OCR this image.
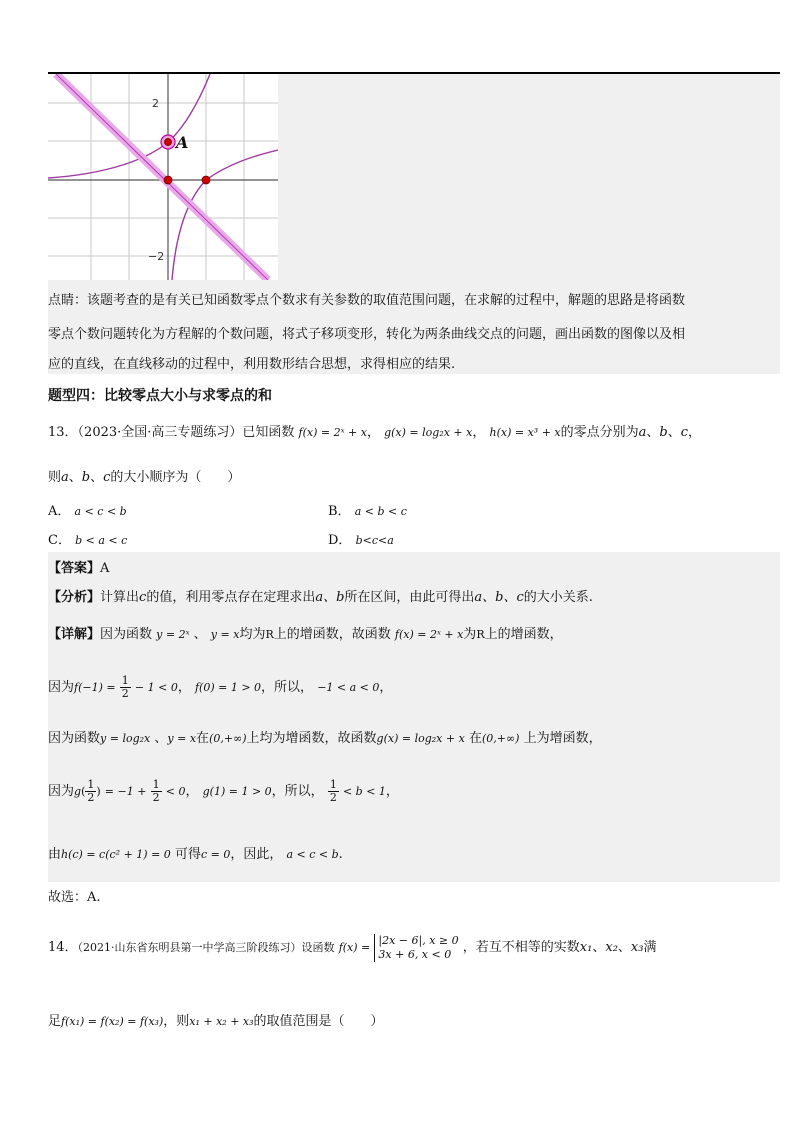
A
2
−2
点睛：该题考查的是有关已知函数零点个数求有关参数的取值范围问题，在求解的过程中，解题的思路是将函数
零点个数问题转化为方程解的个数问题，将式子移项变形，转化为两条曲线交点的问题，画出函数的图像以及相
应的直线，在直线移动的过程中，利用数形结合思想，求得相应的结果.
题型四：比较零点大小与求零点的和
13．（2023·全国·高三专题练习）已知函数 f(x) = 2ˣ + x， g(x) = log₂x + x， h(x) = x³ + x的零点分别为a、b、c，
则a、b、c的大小顺序为（　　）
A． a < c < b	B． a < b < c
C． b < a < c	D． b<c<a
【答案】A
【分析】计算出c的值，利用零点存在定理求出a、b所在区间，由此可得出a、b、c的大小关系.
【详解】因为函数 y = 2ˣ 、 y = x均为R上的增函数，故函数 f(x) = 2ˣ + x为R上的增函数，
因为$f(-1) = \frac{1}{2} - 1 < 0$， f(0) = 1 > 0，所以， −1 < a < 0，
因为函数y = log₂x 、y = x在(0,+∞)上均为增函数，故函数g(x) = log₂x + x 在(0,+∞) 上为增函数，
因为$g( \frac{1}{2}$ ) = $-1 + \frac{1}{2} < 0$， g(1) = 1 > 0，所以， $\frac{1}{2} < b < 1$，
由h(c) = c(c² + 1) = 0 可得c = 0，因此， a < c < b.
故选：A.
14．（2021·山东省东明县第一中学高三阶段练习）设函数 f(x) =
|2x − 6|, x ≥ 0
3x + 6, x < 0 ，若互不相等的实数x₁、x₂、x₃满
足f(x₁) = f(x₂) = f(x₃)，则x₁ + x₂ + x₃的取值范围是（　　）
